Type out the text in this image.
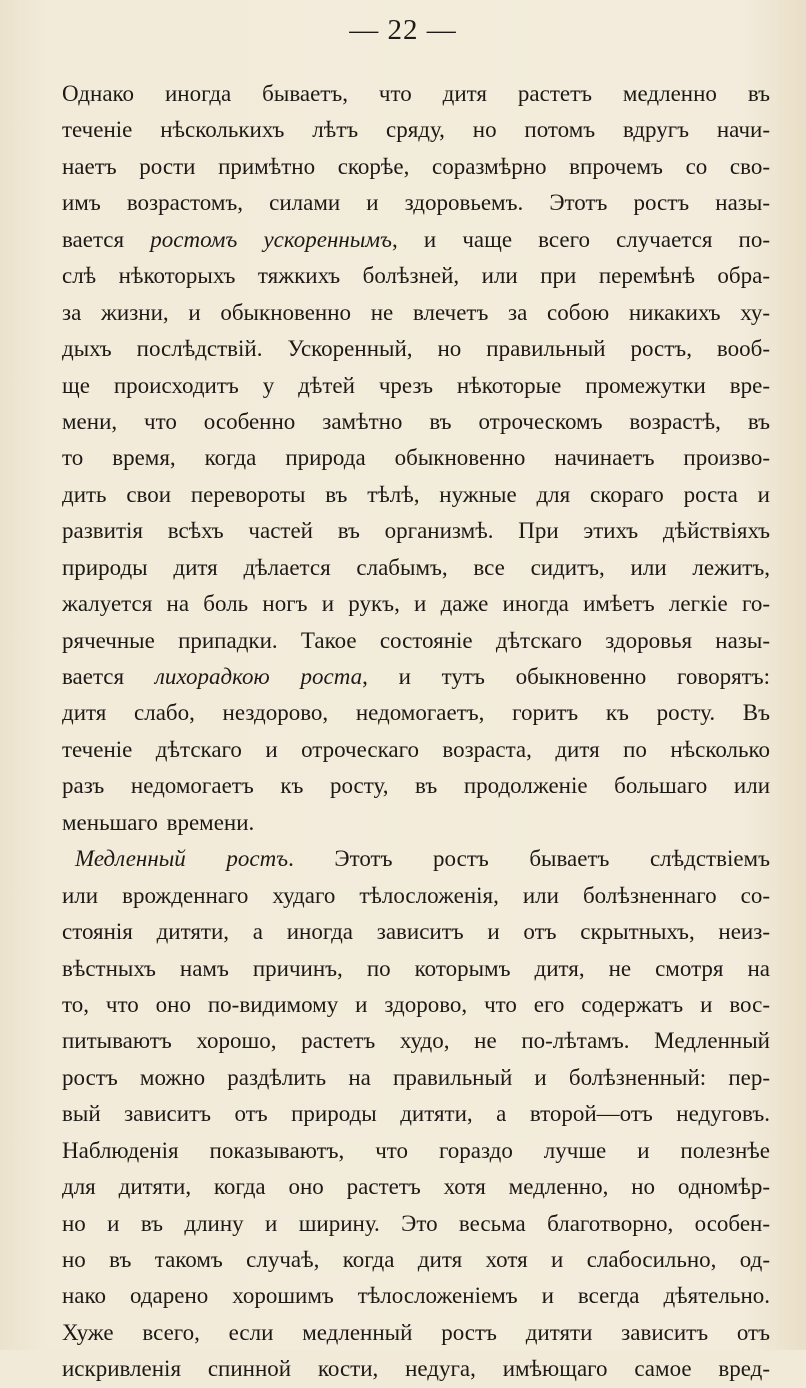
— 22 —
Однако иногда бываетъ, что дитя растетъ медленно въ
теченіе нѣсколькихъ лѣтъ сряду, но потомъ вдругъ начи-
наетъ рости примѣтно скорѣе, соразмѣрно впрочемъ со сво-
имъ возрастомъ, силами и здоровьемъ. Этотъ ростъ назы-
вается ростомъ ускореннымъ, и чаще всего случается по-
слѣ нѣкоторыхъ тяжкихъ болѣзней, или при перемѣнѣ обра-
за жизни, и обыкновенно не влечетъ за собою никакихъ ху-
дыхъ послѣдствій. Ускоренный, но правильный ростъ, вооб-
ще происходитъ у дѣтей чрезъ нѣкоторые промежутки вре-
мени, что особенно замѣтно въ отроческомъ возрастѣ, въ
то время, когда природа обыкновенно начинаетъ произво-
дить свои перевороты въ тѣлѣ, нужные для скораго роста и
развитія всѣхъ частей въ организмѣ. При этихъ дѣйствіяхъ
природы дитя дѣлается слабымъ, все сидитъ, или лежитъ,
жалуется на боль ногъ и рукъ, и даже иногда имѣетъ легкіе го-
рячечные припадки. Такое состояніе дѣтскаго здоровья назы-
вается лихорадкою роста, и тутъ обыкновенно говорятъ:
дитя слабо, нездорово, недомогаетъ, горитъ къ росту. Въ
теченіе дѣтскаго и отроческаго возраста, дитя по нѣсколько
разъ недомогаетъ къ росту, въ продолженіе большаго или
меньшаго времени.
Медленный ростъ. Этотъ ростъ бываетъ слѣдствіемъ
или врожденнаго худаго тѣлосложенія, или болѣзненнаго со-
стоянія дитяти, а иногда зависитъ и отъ скрытныхъ, неиз-
вѣстныхъ намъ причинъ, по которымъ дитя, не смотря на
то, что оно по-видимому и здорово, что его содержатъ и вос-
питываютъ хорошо, растетъ худо, не по-лѣтамъ. Медленный
ростъ можно раздѣлить на правильный и болѣзненный: пер-
вый зависитъ отъ природы дитяти, а второй—отъ недуговъ.
Наблюденія показываютъ, что гораздо лучше и полезнѣе
для дитяти, когда оно растетъ хотя медленно, но одномѣр-
но и въ длину и ширину. Это весьма благотворно, особен-
но въ такомъ случаѣ, когда дитя хотя и слабосильно, од-
нако одарено хорошимъ тѣлосложеніемъ и всегда дѣятельно.
Хуже всего, если медленный ростъ дитяти зависитъ отъ
искривленія спинной кости, недуга, имѣющаго самое вред-
